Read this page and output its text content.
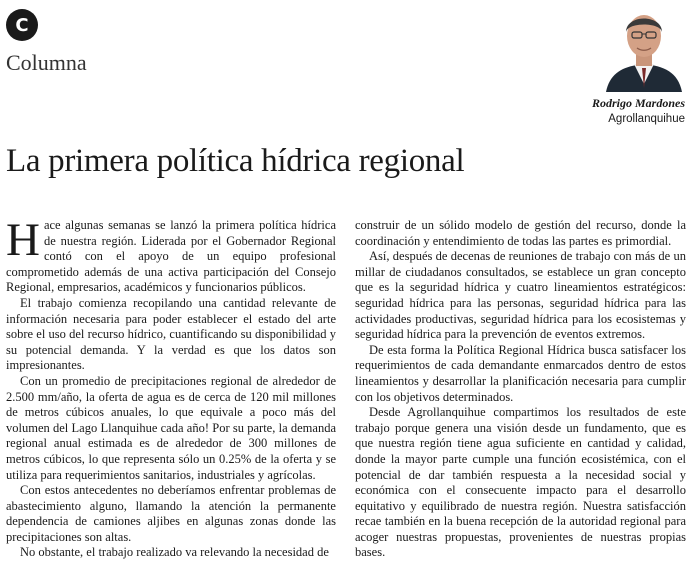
C
Columna
Rodrigo Mardones
Agrollanquihue
La primera política hídrica regional

Hace algunas semanas se lanzó la primera política hídrica de nuestra región. Liderada por el Gobernador Regional contó con el apoyo de un equipo profesional comprometido además de una activa participación del Consejo Regional, empresarios, académicos y funcionarios públicos.

El trabajo comienza recopilando una cantidad relevante de información necesaria para poder establecer el estado del arte sobre el uso del recurso hídrico, cuantificando su disponibilidad y su potencial demanda. Y la verdad es que los datos son impresionantes.

Con un promedio de precipitaciones regional de alrededor de 2.500 mm/año, la oferta de agua es de cerca de 120 mil millones de metros cúbicos anuales, lo que equivale a poco más del volumen del Lago Llanquihue cada año! Por su parte, la demanda regional anual estimada es de alrededor de 300 millones de metros cúbicos, lo que representa sólo un 0.25% de la oferta y se utiliza para requerimientos sanitarios, industriales y agrícolas.

Con estos antecedentes no deberíamos enfrentar problemas de abastecimiento alguno, llamando la atención la permanente dependencia de camiones aljibes en algunas zonas donde las precipitaciones son altas.

No obstante, el trabajo realizado va relevando la necesidad de

construir de un sólido modelo de gestión del recurso, donde la coordinación y entendimiento de todas las partes es primordial.

Así, después de decenas de reuniones de trabajo con más de un millar de ciudadanos consultados, se establece un gran concepto que es la seguridad hídrica y cuatro lineamientos estratégicos: seguridad hídrica para las personas, seguridad hídrica para las actividades productivas, seguridad hídrica para los ecosistemas y seguridad hídrica para la prevención de eventos extremos.

De esta forma la Política Regional Hídrica busca satisfacer los requerimientos de cada demandante enmarcados dentro de estos lineamientos y desarrollar la planificación necesaria para cumplir con los objetivos determinados.

Desde Agrollanquihue compartimos los resultados de este trabajo porque genera una visión desde un fundamento, que es que nuestra región tiene agua suficiente en cantidad y calidad, donde la mayor parte cumple una función ecosistémica, con el potencial de dar también respuesta a la necesidad social y económica con el consecuente impacto para el desarrollo equitativo y equilibrado de nuestra región. Nuestra satisfacción recae también en la buena recepción de la autoridad regional para acoger nuestras propuestas, provenientes de nuestras propias bases.
